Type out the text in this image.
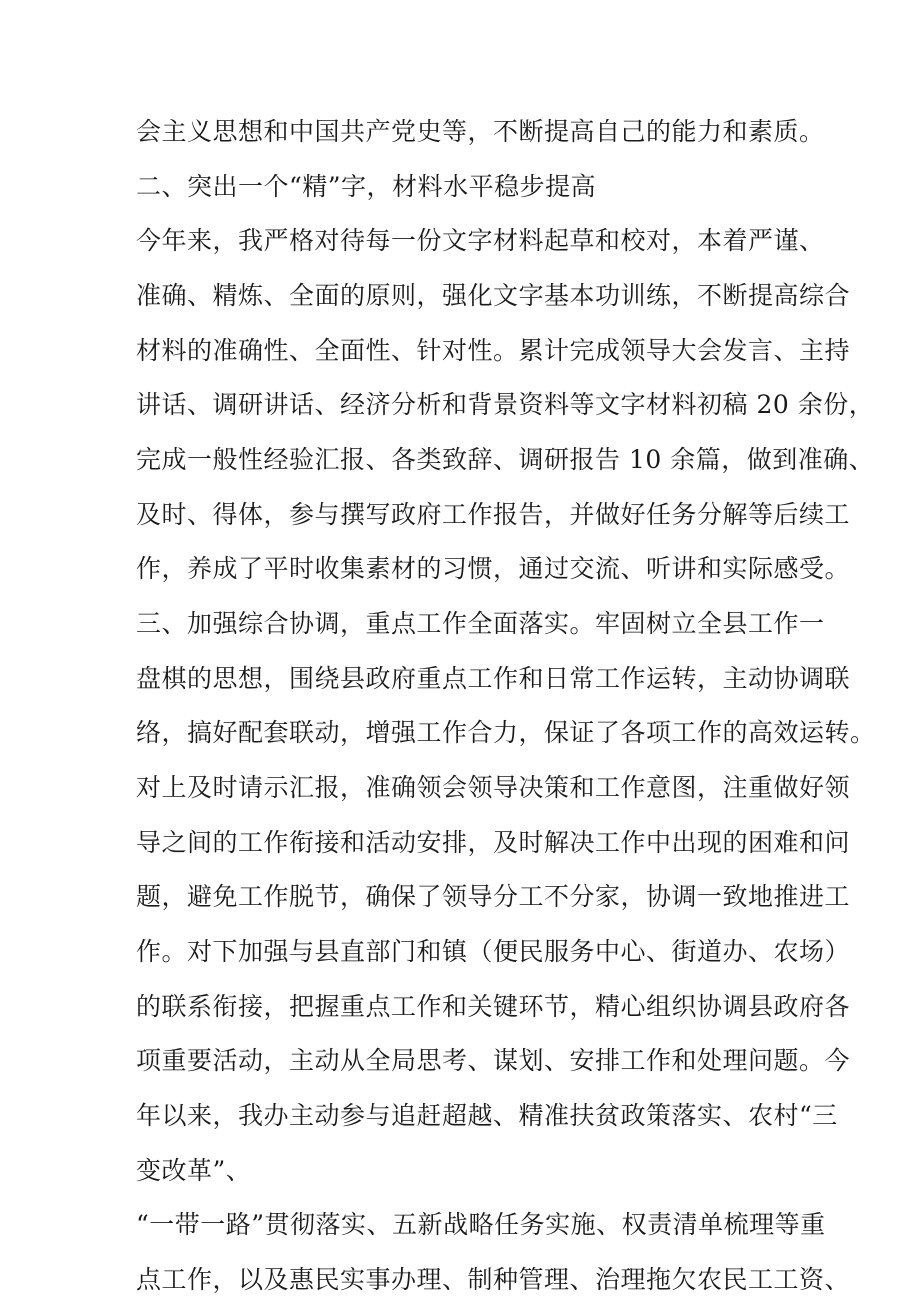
会主义思想和中国共产党史等，不断提高自己的能力和素质。
二、突出一个“精”字，材料水平稳步提高
今年来，我严格对待每一份文字材料起草和校对，本着严谨、
准确、精炼、全面的原则，强化文字基本功训练，不断提高综合
材料的准确性、全面性、针对性。累计完成领导大会发言、主持
讲话、调研讲话、经济分析和背景资料等文字材料初稿 20 余份，
完成一般性经验汇报、各类致辞、调研报告 10 余篇，做到准确、
及时、得体，参与撰写政府工作报告，并做好任务分解等后续工
作，养成了平时收集素材的习惯，通过交流、听讲和实际感受。
三、加强综合协调，重点工作全面落实。牢固树立全县工作一
盘棋的思想，围绕县政府重点工作和日常工作运转，主动协调联
络，搞好配套联动，增强工作合力，保证了各项工作的高效运转。
对上及时请示汇报，准确领会领导决策和工作意图，注重做好领
导之间的工作衔接和活动安排，及时解决工作中出现的困难和问
题，避免工作脱节，确保了领导分工不分家，协调一致地推进工
作。对下加强与县直部门和镇（便民服务中心、街道办、农场）
的联系衔接，把握重点工作和关键环节，精心组织协调县政府各
项重要活动，主动从全局思考、谋划、安排工作和处理问题。今
年以来，我办主动参与追赶超越、精准扶贫政策落实、农村“三
变改革”、
“一带一路”贯彻落实、五新战略任务实施、权责清单梳理等重
点工作，以及惠民实事办理、制种管理、治理拖欠农民工工资、
